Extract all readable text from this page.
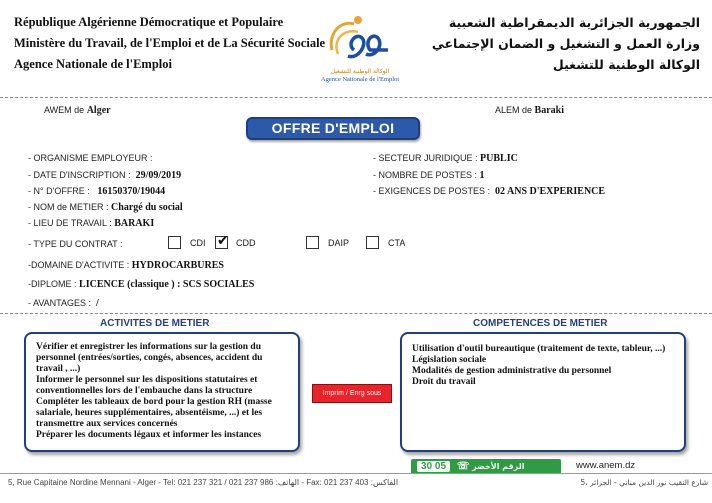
République Algérienne Démocratique et Populaire
Ministère du Travail, de l'Emploi et de La Sécurité Sociale
Agence Nationale de l'Emploi
الوكالة الوطنية للتشغيل
Agence Nationale de l'Emploi
الجمهورية الجزائرية الديمقراطية الشعبية
وزارة العمل و التشغيل و الضمان الإجتماعي
الوكالة الوطنية للتشغيل
AWEM de Alger	ALEM de Baraki
OFFRE D'EMPLOI
- ORGANISME EMPLOYEUR :
- DATE D'INSCRIPTION : 29/09/2019
- N° D'OFFRE : 16150370/19044
- NOM de METIER : Chargé du social
- LIEU DE TRAVAIL : BARAKI
- SECTEUR JURIDIQUE : PUBLIC
- NOMBRE DE POSTES : 1
- EXIGENCES DE POSTES : 02 ANS D'EXPERIENCE
- TYPE DU CONTRAT :	CDI ✔ CDD	DAIP	CTA
-DOMAINE D'ACTIVITE : HYDROCARBURES
-DIPLOME : LICENCE (classique ) : SCS SOCIALES
- AVANTAGES : /
ACTIVITES DE METIER	COMPETENCES DE METIER
Vérifier et enregistrer les informations sur la gestion du personnel (entrées/sorties, congés, absences, accident du travail , ...)
Informer le personnel sur les dispositions statutaires et conventionnelles lors de l'embauche dans la structure
Compléter les tableaux de bord pour la gestion RH (masse salariale, heures supplémentaires, absentéisme, ...) et les transmettre aux services concernés
Préparer les documents légaux et informer les instances
Imprim / Enrg sous
Utilisation d'outil bureautique (traitement de texte, tableur, ...)
Législation sociale
Modalités de gestion administrative du personnel
Droit du travail
30 05 ☏ الرقم الأخضر	www.anem.dz
5, Rue Capitaine Nordine Mennani - Alger - Tel: 021 237 321 / 021 237 986 :الهاتف - Fax: 021 237 403 :الفاكس	5، شارع النقيب نور الدين مناني - الجزائر
